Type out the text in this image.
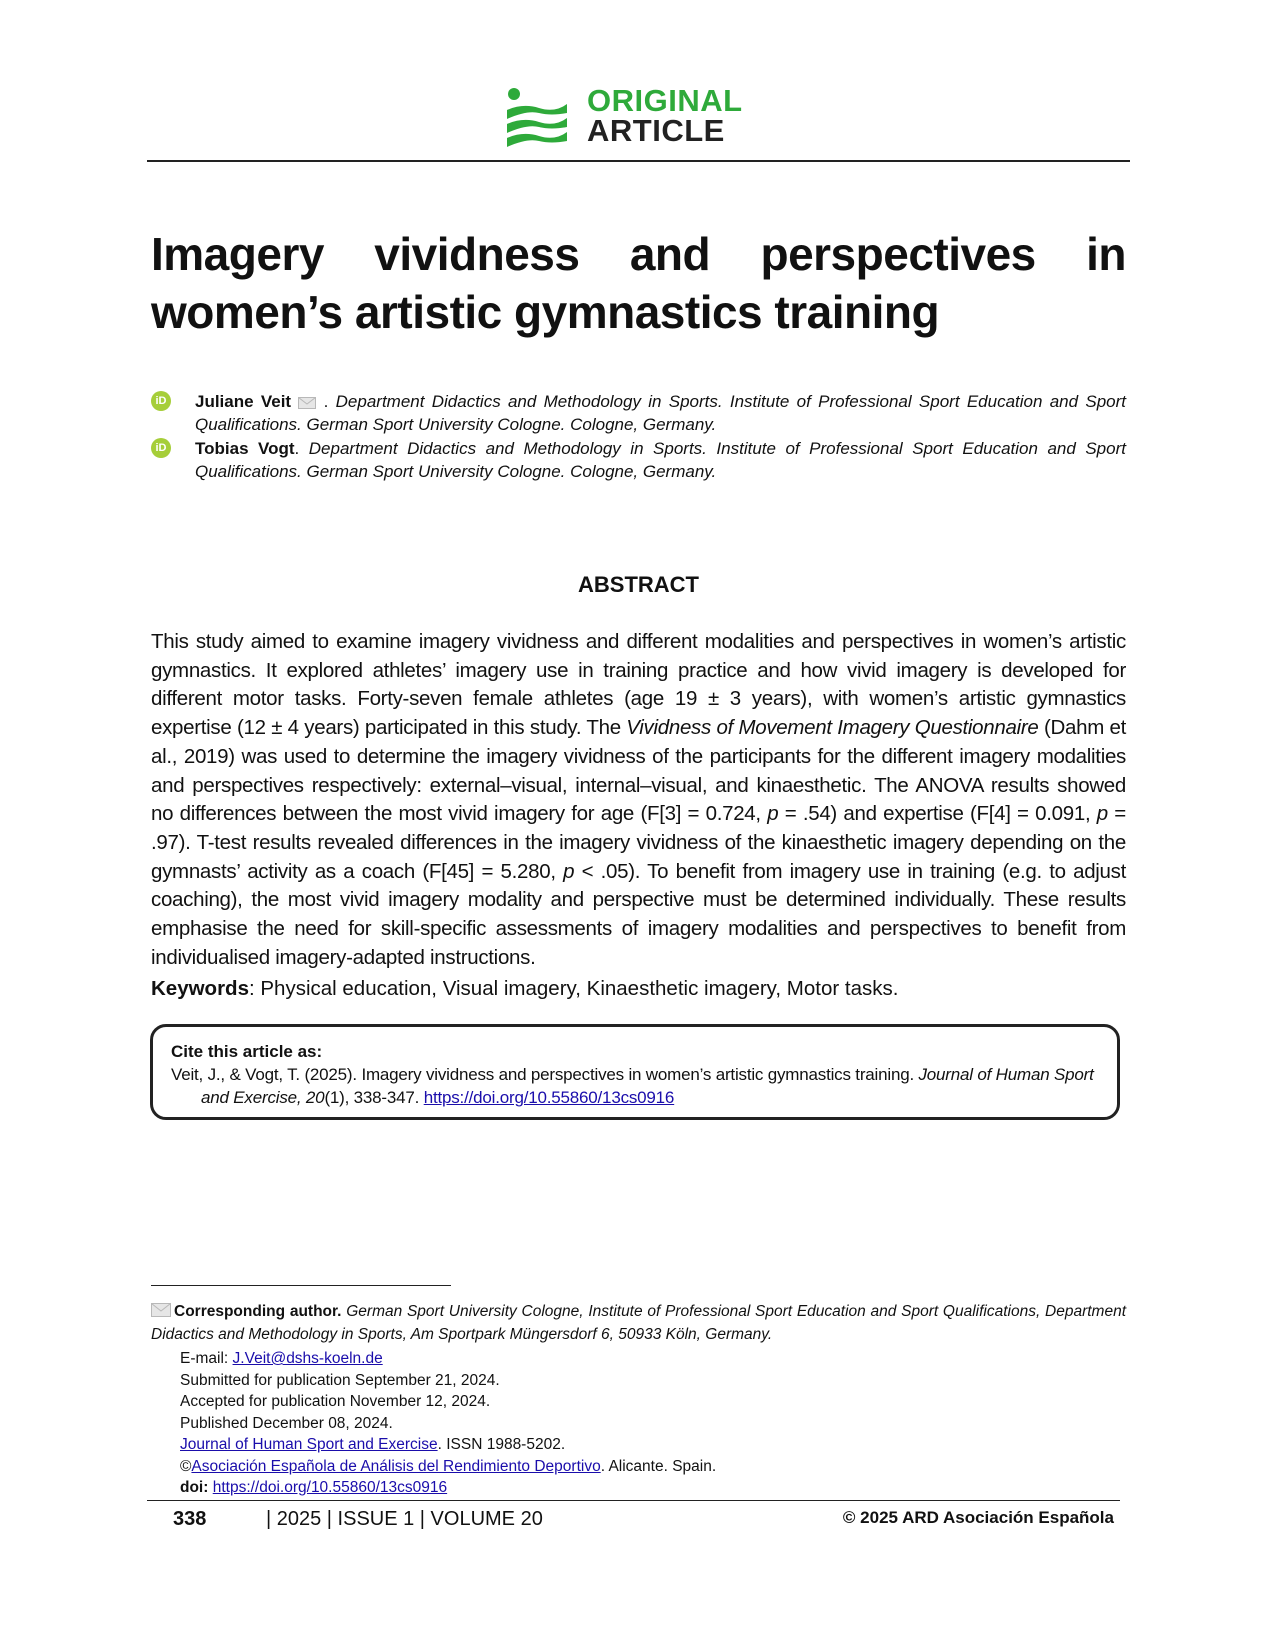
ORIGINAL
ARTICLE
Imagery vividness and perspectives in women’s artistic gymnastics training
iD Juliane Veit  . Department Didactics and Methodology in Sports. Institute of Professional Sport Education and Sport Qualifications. German Sport University Cologne. Cologne, Germany.
iD Tobias Vogt. Department Didactics and Methodology in Sports. Institute of Professional Sport Education and Sport Qualifications. German Sport University Cologne. Cologne, Germany.
ABSTRACT

This study aimed to examine imagery vividness and different modalities and perspectives in women’s artistic gymnastics. It explored athletes’ imagery use in training practice and how vivid imagery is developed for different motor tasks. Forty-seven female athletes (age 19 ± 3 years), with women’s artistic gymnastics expertise (12 ± 4 years) participated in this study. The Vividness of Movement Imagery Questionnaire (Dahm et al., 2019) was used to determine the imagery vividness of the participants for the different imagery modalities and perspectives respectively: external–visual, internal–visual, and kinaesthetic. The ANOVA results showed no differences between the most vivid imagery for age (F[3] = 0.724, p = .54) and expertise (F[4] = 0.091, p = .97). T-test results revealed differences in the imagery vividness of the kinaesthetic imagery depending on the gymnasts’ activity as a coach (F[45] = 5.280, p < .05). To benefit from imagery use in training (e.g. to adjust coaching), the most vivid imagery modality and perspective must be determined individually. These results emphasise the need for skill-specific assessments of imagery modalities and perspectives to benefit from individualised imagery-adapted instructions.

Keywords: Physical education, Visual imagery, Kinaesthetic imagery, Motor tasks.

Cite this article as:
Veit, J., & Vogt, T. (2025). Imagery vividness and perspectives in women’s artistic gymnastics training. Journal of Human Sport and Exercise, 20(1), 338-347. https://doi.org/10.55860/13cs0916
Corresponding author. German Sport University Cologne, Institute of Professional Sport Education and Sport Qualifications, Department Didactics and Methodology in Sports, Am Sportpark Müngersdorf 6, 50933 Köln, Germany.
E-mail: J.Veit@dshs-koeln.de
Submitted for publication September 21, 2024.
Accepted for publication November 12, 2024.
Published December 08, 2024.
Journal of Human Sport and Exercise. ISSN 1988-5202.
©Asociación Española de Análisis del Rendimiento Deportivo. Alicante. Spain.
doi: https://doi.org/10.55860/13cs0916
338	| 2025 | ISSUE 1 | VOLUME 20	© 2025 ARD Asociación Española
